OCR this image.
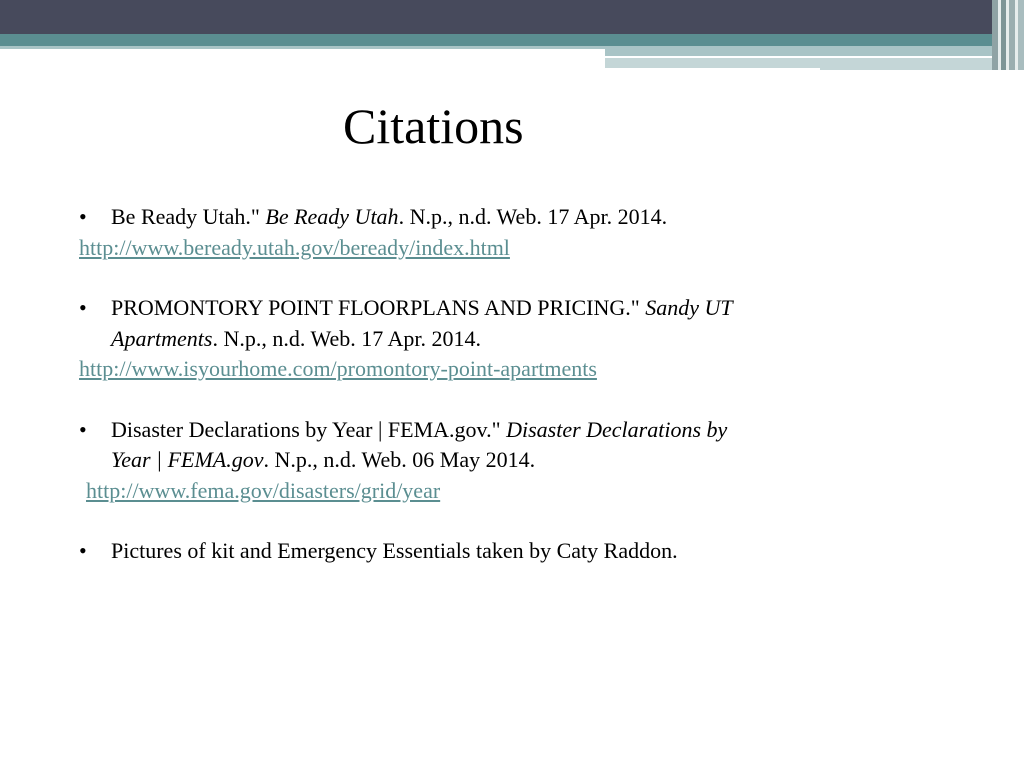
Citations
•	Be Ready Utah." Be Ready Utah. N.p., n.d. Web. 17 Apr. 2014.
http://www.beready.utah.gov/beready/index.html
•	PROMONTORY POINT FLOORPLANS AND PRICING." Sandy UT Apartments. N.p., n.d. Web. 17 Apr. 2014.
http://www.isyourhome.com/promontory-point-apartments
•	Disaster Declarations by Year | FEMA.gov." Disaster Declarations by Year | FEMA.gov. N.p., n.d. Web. 06 May 2014.
http://www.fema.gov/disasters/grid/year
•	Pictures of kit and Emergency Essentials taken by Caty Raddon.
